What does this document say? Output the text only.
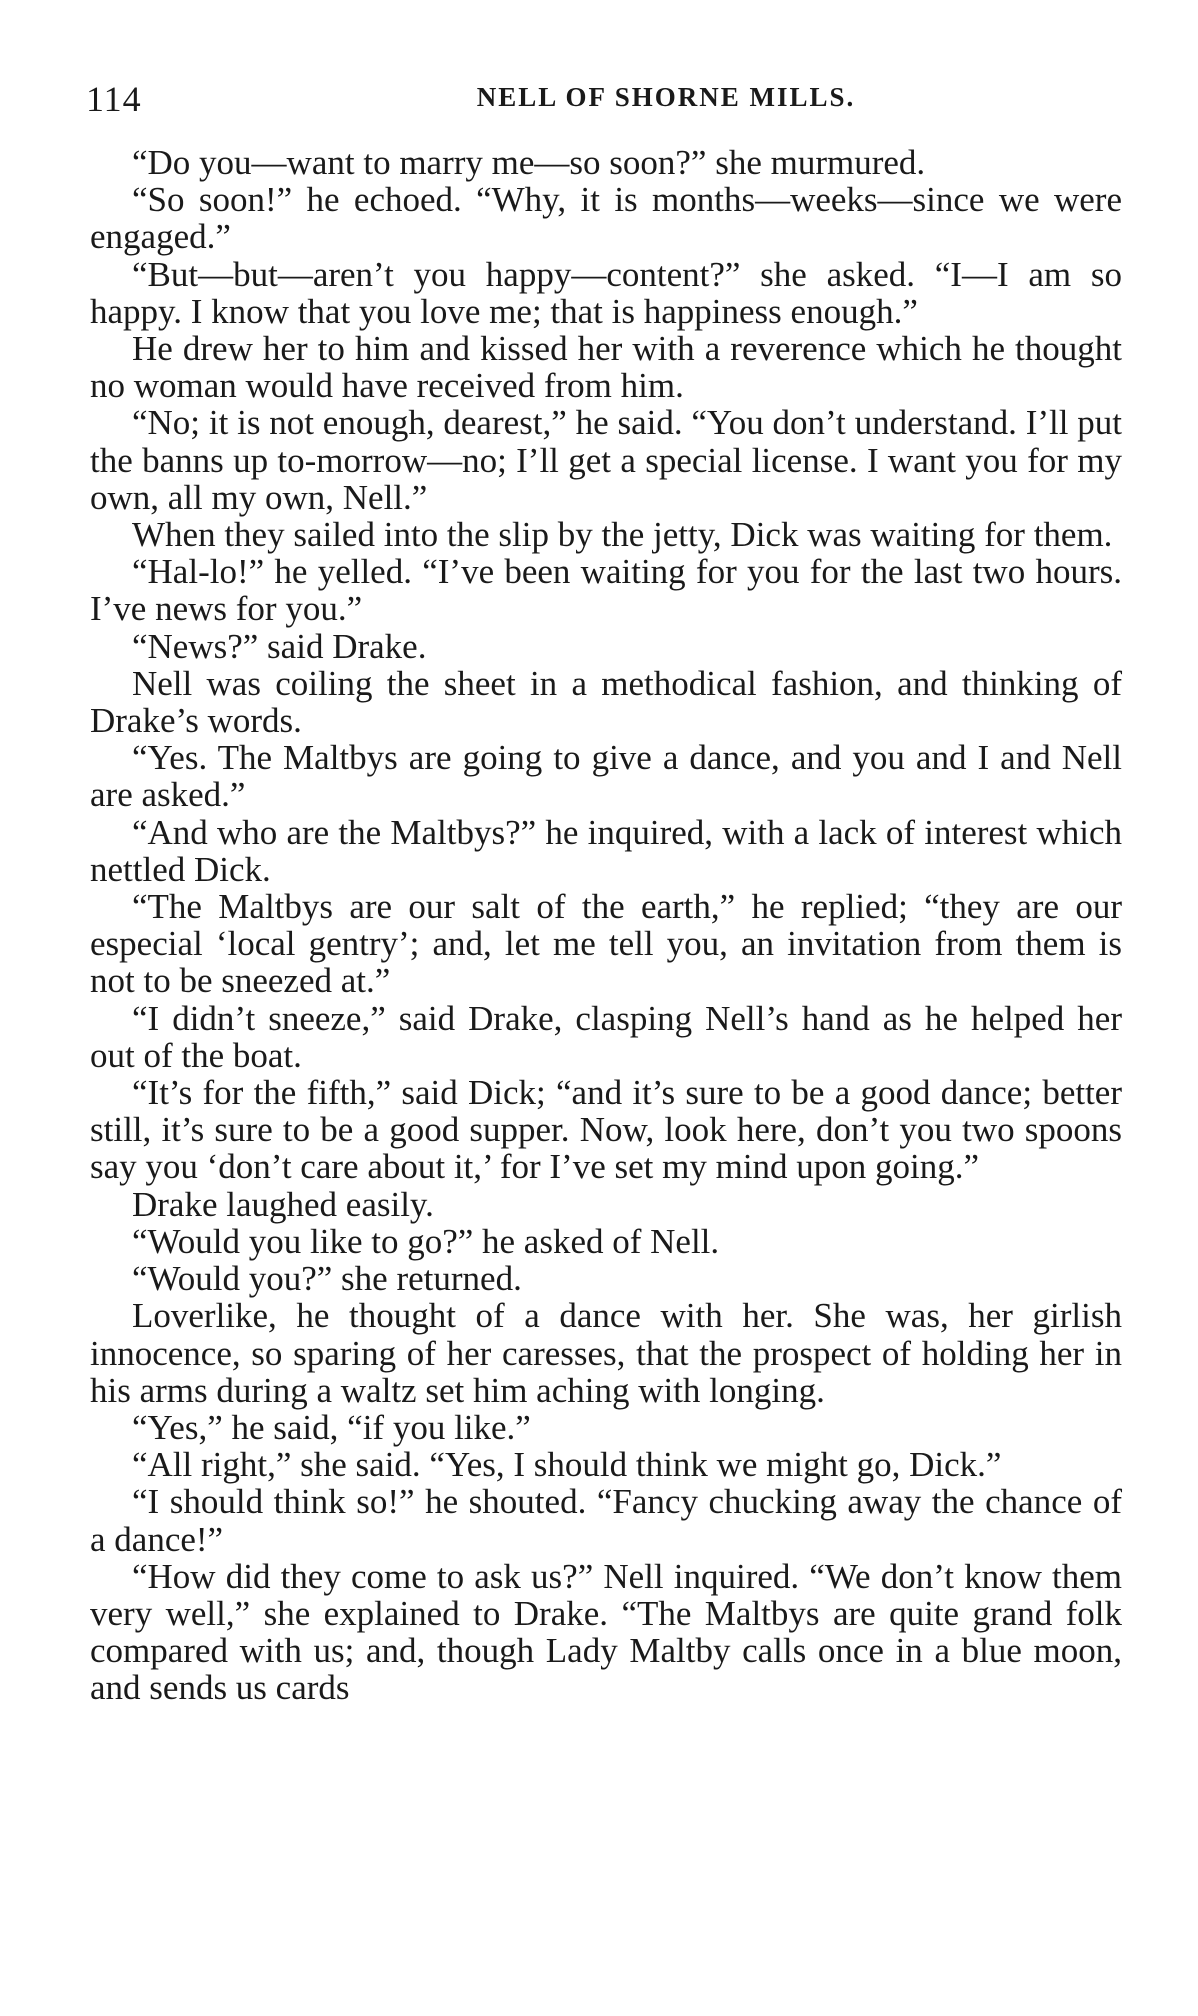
114	NELL OF SHORNE MILLS.

“Do you—want to marry me—so soon?” she murmured.

“So soon!” he echoed. “Why, it is months—weeks—since we were engaged.”

“But—but—aren’t you happy—content?” she asked. “I—I am so happy. I know that you love me; that is happiness enough.”

He drew her to him and kissed her with a reverence which he thought no woman would have received from him.

“No; it is not enough, dearest,” he said. “You don’t understand. I’ll put the banns up to-morrow—no; I’ll get a special license. I want you for my own, all my own, Nell.”

When they sailed into the slip by the jetty, Dick was waiting for them.

“Hal-lo!” he yelled. “I’ve been waiting for you for the last two hours. I’ve news for you.”

“News?” said Drake.

Nell was coiling the sheet in a methodical fashion, and thinking of Drake’s words.

“Yes. The Maltbys are going to give a dance, and you and I and Nell are asked.”

“And who are the Maltbys?” he inquired, with a lack of interest which nettled Dick.

“The Maltbys are our salt of the earth,” he replied; “they are our especial ‘local gentry’; and, let me tell you, an invitation from them is not to be sneezed at.”

“I didn’t sneeze,” said Drake, clasping Nell’s hand as he helped her out of the boat.

“It’s for the fifth,” said Dick; “and it’s sure to be a good dance; better still, it’s sure to be a good supper. Now, look here, don’t you two spoons say you ‘don’t care about it,’ for I’ve set my mind upon going.”

Drake laughed easily.

“Would you like to go?” he asked of Nell.

“Would you?” she returned.

Loverlike, he thought of a dance with her. She was, her girlish innocence, so sparing of her caresses, that the prospect of holding her in his arms during a waltz set him aching with longing.

“Yes,” he said, “if you like.”

“All right,” she said. “Yes, I should think we might go, Dick.”

“I should think so!” he shouted. “Fancy chucking away the chance of a dance!”

“How did they come to ask us?” Nell inquired. “We don’t know them very well,” she explained to Drake. “The Maltbys are quite grand folk compared with us; and, though Lady Maltby calls once in a blue moon, and sends us cards
